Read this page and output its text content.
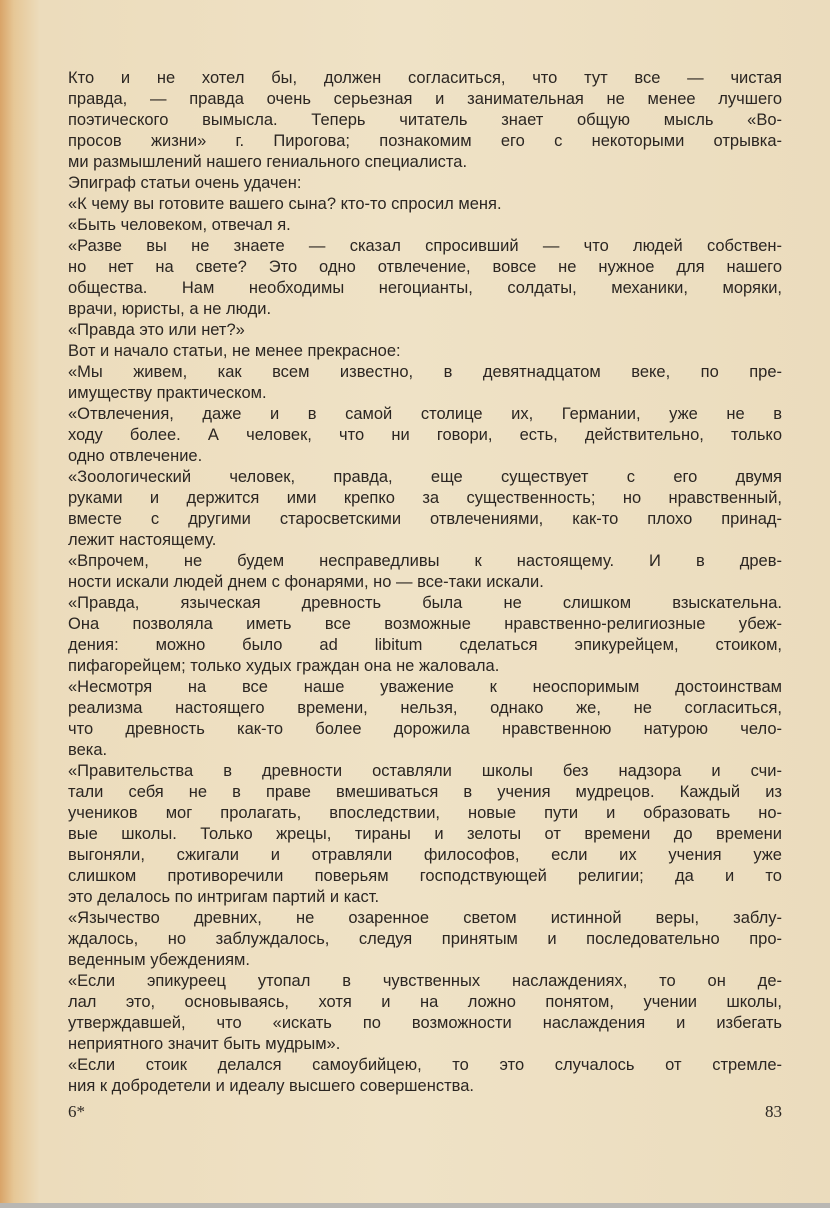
Кто и не хотел бы, должен согласиться, что тут все — чистая
правда, — правда очень серьезная и занимательная не менее лучшего
поэтического вымысла. Теперь читатель знает общую мысль «Во-
просов жизни» г. Пирогова; познакомим его с некоторыми отрывка-
ми размышлений нашего гениального специалиста.
Эпиграф статьи очень удачен:
«К чему вы готовите вашего сына? кто-то спросил меня.
«Быть человеком, отвечал я.
«Разве вы не знаете — сказал спросивший — что людей собствен-
но нет на свете? Это одно отвлечение, вовсе не нужное для нашего
общества. Нам необходимы негоцианты, солдаты, механики, моряки,
врачи, юристы, а не люди.
«Правда это или нет?»
Вот и начало статьи, не менее прекрасное:
«Мы живем, как всем известно, в девятнадцатом веке, по пре-
имуществу практическом.
«Отвлечения, даже и в самой столице их, Германии, уже не в
ходу более. А человек, что ни говори, есть, действительно, только
одно отвлечение.
«Зоологический человек, правда, еще существует с его двумя
руками и держится ими крепко за существенность; но нравственный,
вместе с другими старосветскими отвлечениями, как-то плохо принад-
лежит настоящему.
«Впрочем, не будем несправедливы к настоящему. И в древ-
ности искали людей днем с фонарями, но — все-таки искали.
«Правда, языческая древность была не слишком взыскательна.
Она позволяла иметь все возможные нравственно-религиозные убеж-
дения: можно было ad libitum сделаться эпикурейцем, стоиком,
пифагорейцем; только худых граждан она не жаловала.
«Несмотря на все наше уважение к неоспоримым достоинствам
реализма настоящего времени, нельзя, однако же, не согласиться,
что древность как-то более дорожила нравственною натурою чело-
века.
«Правительства в древности оставляли школы без надзора и счи-
тали себя не в праве вмешиваться в учения мудрецов. Каждый из
учеников мог пролагать, впоследствии, новые пути и образовать но-
вые школы. Только жрецы, тираны и зелоты от времени до времени
выгоняли, сжигали и отравляли философов, если их учения уже
слишком противоречили поверьям господствующей религии; да и то
это делалось по интригам партий и каст.
«Язычество древних, не озаренное светом истинной веры, заблу-
ждалось, но заблуждалось, следуя принятым и последовательно про-
веденным убеждениям.
«Если эпикуреец утопал в чувственных наслаждениях, то он де-
лал это, основываясь, хотя и на ложно понятом, учении школы,
утверждавшей, что «искать по возможности наслаждения и избегать
неприятного значит быть мудрым».
«Если стоик делался самоубийцею, то это случалось от стремле-
ния к добродетели и идеалу высшего совершенства.
6*	83
